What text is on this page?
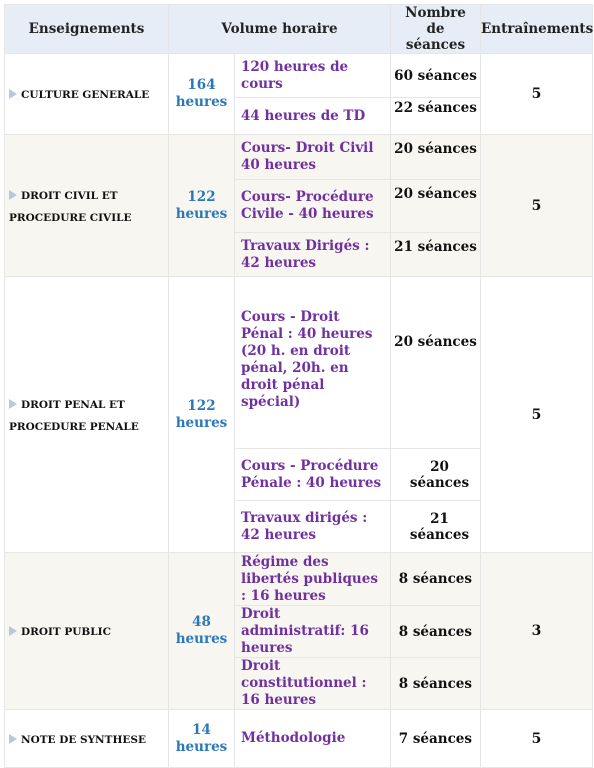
Enseignements	Volume horaire		Nombre de séances	Entraînements
CULTURE GENERALE	164 heures	120 heures de cours	60 séances	5
		44 heures de TD	22 séances	

DROIT CIVIL ET
PROCEDURE CIVILE	122 heures	Cours- Droit Civil 40 heures	20 séances	5
		Cours- Procédure Civile - 40 heures	20 séances	
		Travaux Dirigés : 42 heures	21 séances	

DROIT PENAL ET
PROCEDURE PENALE	122 heures	Cours - Droit Pénal : 40 heures (20 h. en droit pénal, 20h. en droit pénal spécial)	20 séances	5
		Cours - Procédure Pénale : 40 heures	20 séances	
		Travaux dirigés : 42 heures	21 séances	
DROIT PUBLIC	48 heures	Régime des libertés publiques : 16 heures	8 séances	3
		Droit administratif: 16 heures	8 séances	
		Droit constitutionnel : 16 heures	8 séances	
NOTE DE SYNTHESE	14 heures	Méthodologie	7 séances	5
